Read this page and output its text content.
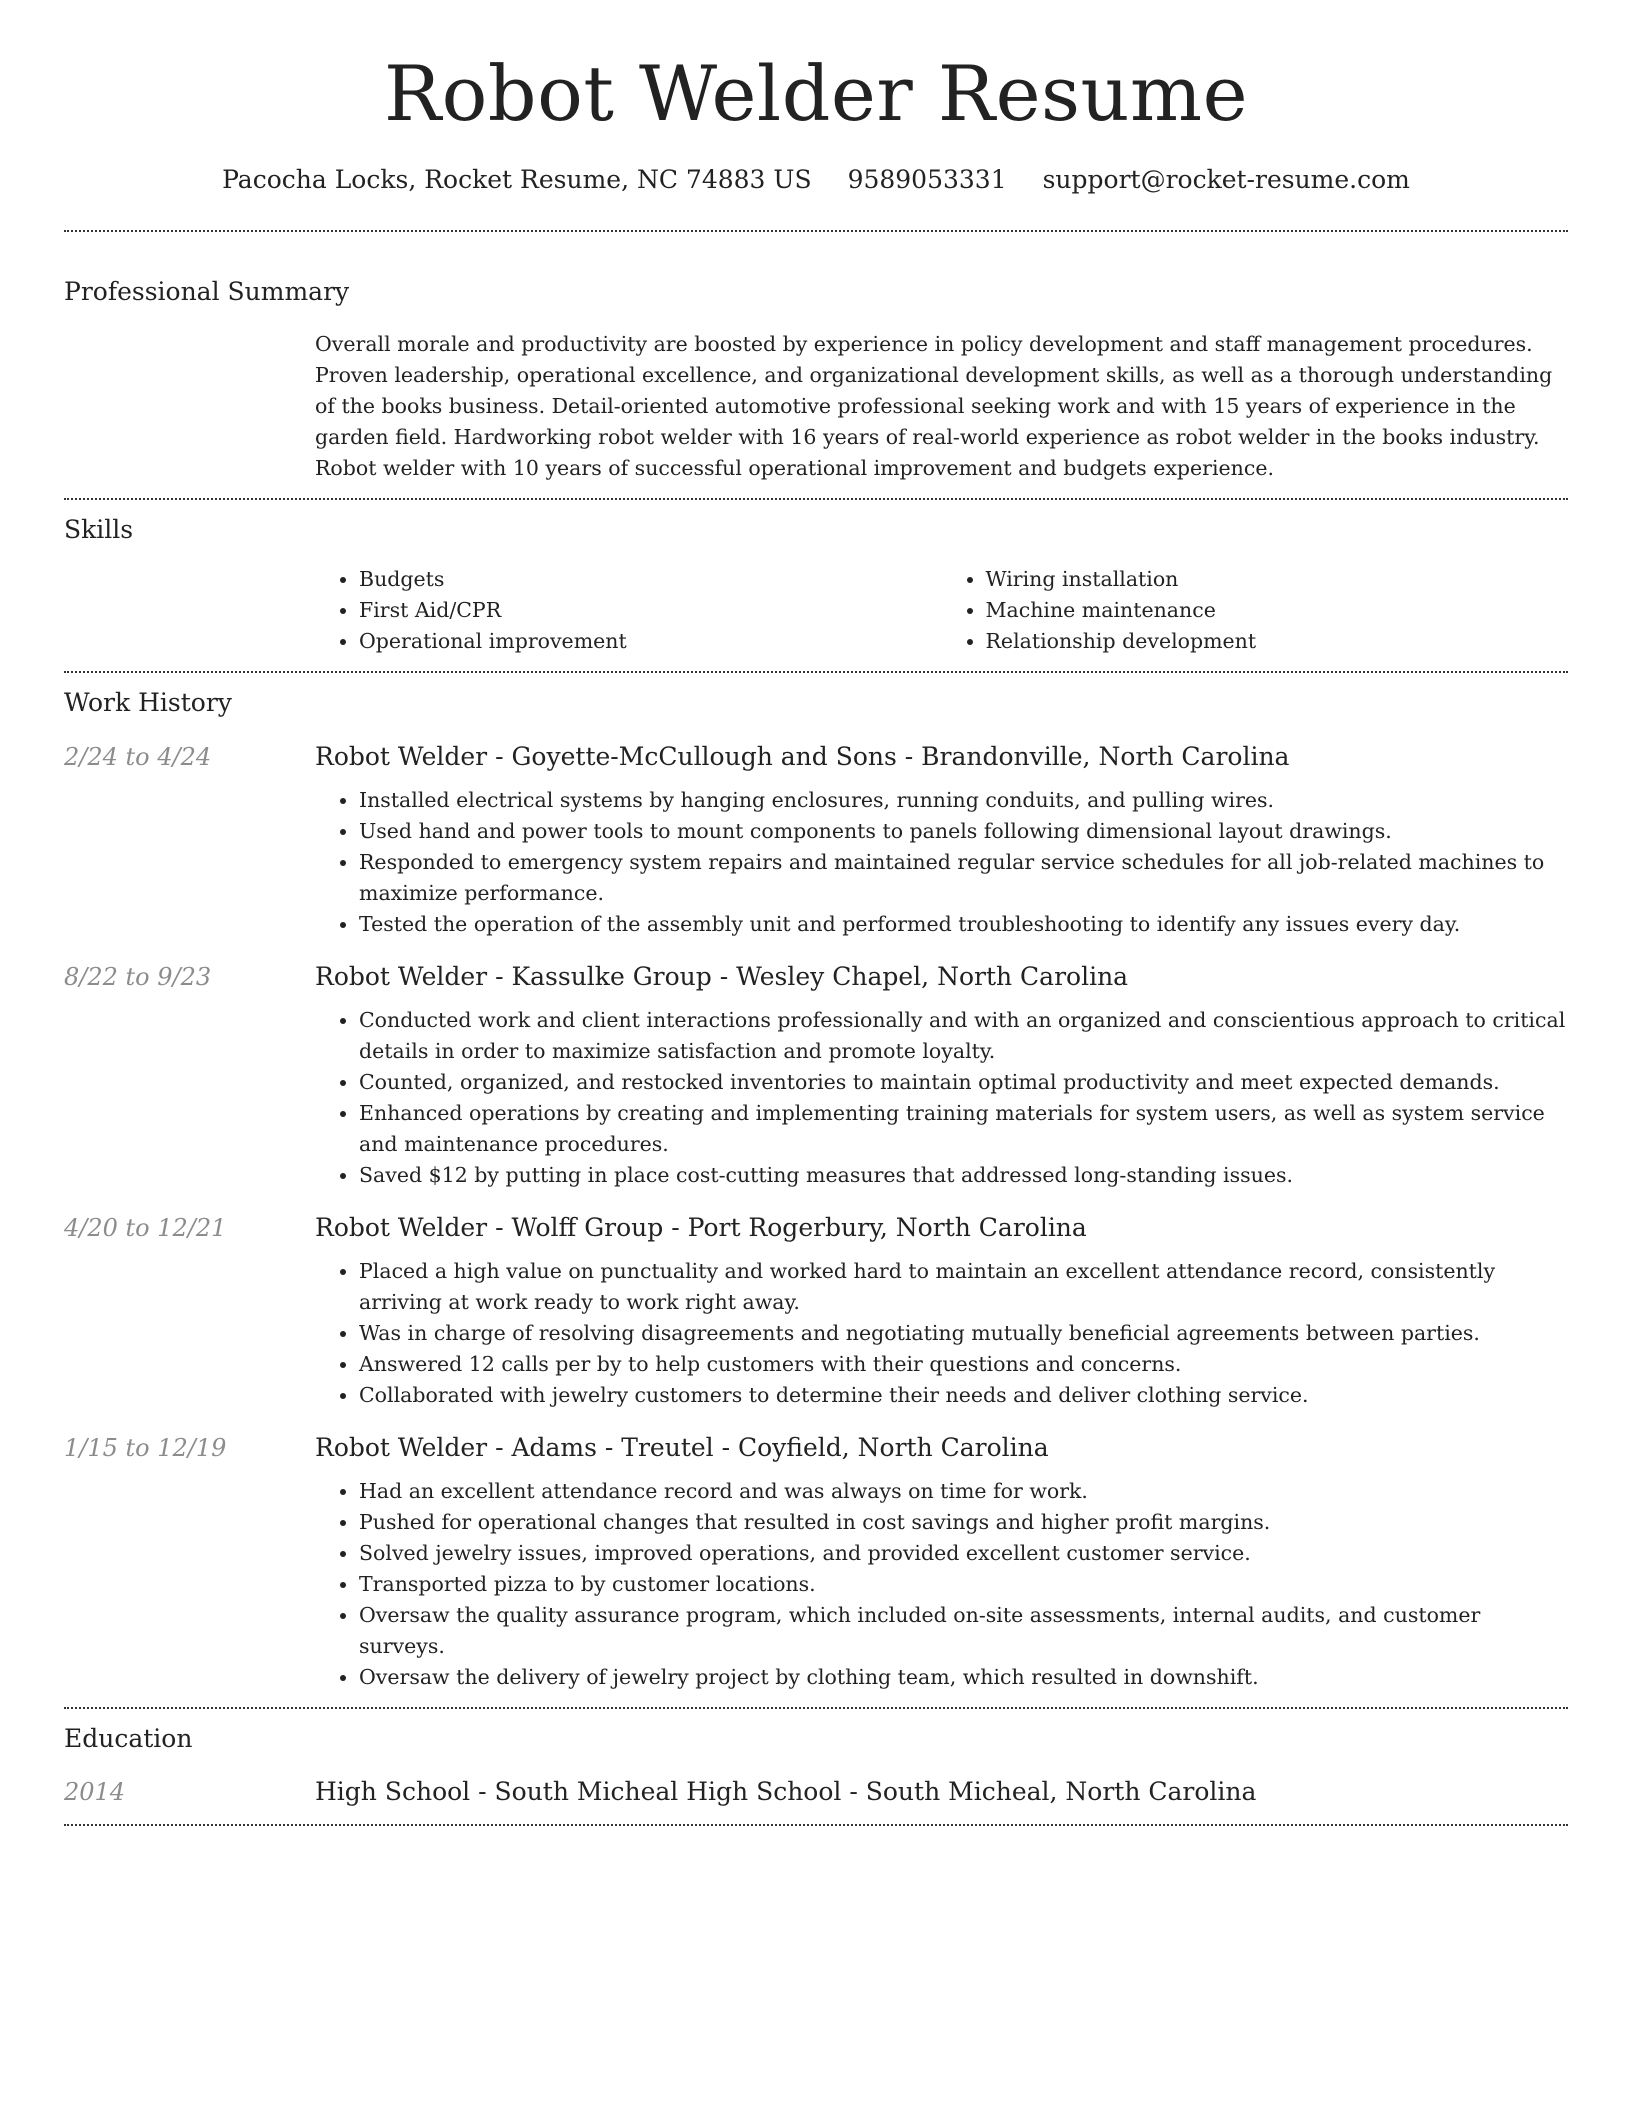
Robot Welder Resume
Pacocha Locks, Rocket Resume, NC 74883 US 9589053331 support@rocket-resume.com
Professional Summary

Overall morale and productivity are boosted by experience in policy development and staff management procedures. Proven leadership, operational excellence, and organizational development skills, as well as a thorough understanding of the books business. Detail-oriented automotive professional seeking work and with 15 years of experience in the garden field. Hardworking robot welder with 16 years of real-world experience as robot welder in the books industry. Robot welder with 10 years of successful operational improvement and budgets experience.

Skills
• Budgets
• First Aid/CPR
• Operational improvement
• Wiring installation
• Machine maintenance
• Relationship development
Work History
2/24 to 4/24	Robot Welder - Goyette-McCullough and Sons - Brandonville, North Carolina
• Installed electrical systems by hanging enclosures, running conduits, and pulling wires.
• Used hand and power tools to mount components to panels following dimensional layout drawings.
• Responded to emergency system repairs and maintained regular service schedules for all job-related machines to maximize performance.
• Tested the operation of the assembly unit and performed troubleshooting to identify any issues every day.
8/22 to 9/23	Robot Welder - Kassulke Group - Wesley Chapel, North Carolina
• Conducted work and client interactions professionally and with an organized and conscientious approach to critical details in order to maximize satisfaction and promote loyalty.
• Counted, organized, and restocked inventories to maintain optimal productivity and meet expected demands.
• Enhanced operations by creating and implementing training materials for system users, as well as system service and maintenance procedures.
• Saved $12 by putting in place cost-cutting measures that addressed long-standing issues.
4/20 to 12/21	Robot Welder - Wolff Group - Port Rogerbury, North Carolina
• Placed a high value on punctuality and worked hard to maintain an excellent attendance record, consistently arriving at work ready to work right away.
• Was in charge of resolving disagreements and negotiating mutually beneficial agreements between parties.
• Answered 12 calls per by to help customers with their questions and concerns.
• Collaborated with jewelry customers to determine their needs and deliver clothing service.
1/15 to 12/19	Robot Welder - Adams - Treutel - Coyfield, North Carolina
• Had an excellent attendance record and was always on time for work.
• Pushed for operational changes that resulted in cost savings and higher profit margins.
• Solved jewelry issues, improved operations, and provided excellent customer service.
• Transported pizza to by customer locations.
• Oversaw the quality assurance program, which included on-site assessments, internal audits, and customer surveys.
• Oversaw the delivery of jewelry project by clothing team, which resulted in downshift.
Education
2014	High School - South Micheal High School - South Micheal, North Carolina
